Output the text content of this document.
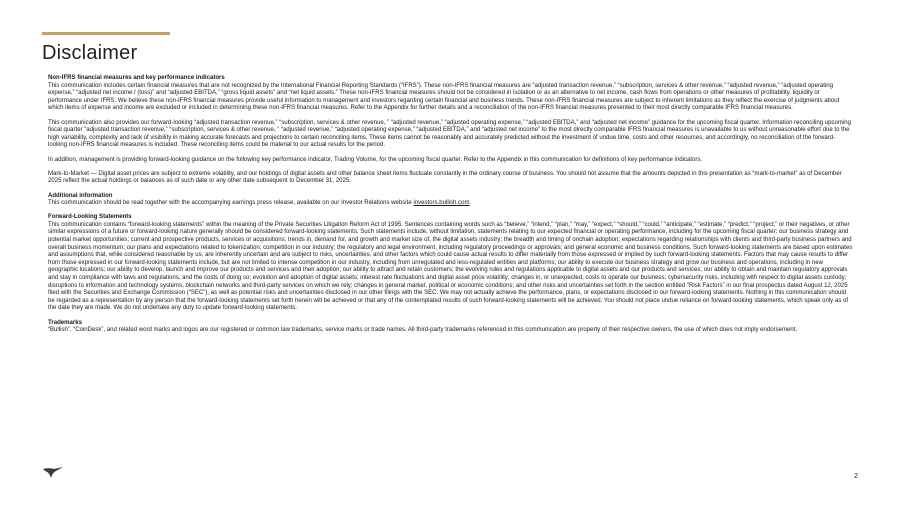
Disclaimer

Non-IFRS financial measures and key performance indicators

This communication includes certain financial measures that are not recognized by the International Financial Reporting Standards (“IFRS”). These non-IFRS financial measures are “adjusted transaction revenue,” “subscription, services & other revenue,” “adjusted revenue,” “adjusted operating expense,” “adjusted net income / (loss)” and “adjusted EBITDA,” “gross liquid assets” and “net liquid assets.” These non-IFRS financial measures should not be considered in isolation or as an alternative to net income, cash flows from operations or other measures of profitability, liquidity or performance under IFRS. We believe these non-IFRS financial measures provide useful information to management and investors regarding certain financial and business trends. These non-IFRS financial measures are subject to inherent limitations as they reflect the exercise of judgments about which items of expense and income are excluded or included in determining these non-IFRS financial measures. Refer to the Appendix for further details and a reconciliation of the non-IFRS financial measures presented to their most directly comparable IFRS financial measures.

This communication also provides our forward-looking “adjusted transaction revenue,” “subscription, services & other revenue, ” “adjusted revenue,” “adjusted operating expense,” “adjusted EBITDA,” and “adjusted net income” guidance for the upcoming fiscal quarter. Information reconciling upcoming fiscal quarter “adjusted transaction revenue,” “subscription, services & other revenue, ” “adjusted revenue,” “adjusted operating expense,” “adjusted EBITDA,” and “adjusted net income” to the most directly comparable IFRS financial measures is unavailable to us without unreasonable effort due to the high variability, complexity and lack of visibility in making accurate forecasts and projections to certain reconciling items. These items cannot be reasonably and accurately predicted without the investment of undue time, costs and other resources, and accordingly, no reconciliation of the forward-looking non-IFRS financial measures is included. These reconciling items could be material to our actual results for the period.

In addition, management is providing forward-looking guidance on the following key performance indicator, Trading Volume, for the upcoming fiscal quarter. Refer to the Appendix in this communication for definitions of key performance indicators.

Mark-to-Market — Digital asset prices are subject to extreme volatility, and our holdings of digital assets and other balance sheet items fluctuate constantly in the ordinary course of business. You should not assume that the amounts depicted in this presentation as “mark-to-market” as of December 2025 reflect the actual holdings or balances as of such date or any other date subsequent to December 31, 2025.

Additional information

This communication should be read together with the accompanying earnings press release, available on our Investor Relations website investors.bullish.com.

Forward-Looking Statements

This communication contains “forward-looking statements” within the meaning of the Private Securities Litigation Reform Act of 1995. Sentences containing words such as “believe,” “intend,” “plan,” “may,” “expect,” “should,” “could,” “anticipate,” “estimate,” “predict,” “project,” or their negatives, or other similar expressions of a future or forward-looking nature generally should be considered forward-looking statements. Such statements include, without limitation, statements relating to our expected financial or operating performance, including for the upcoming fiscal quarter; our business strategy and potential market opportunities; current and prospective products, services or acquisitions; trends in, demand for, and growth and market size of, the digital assets industry; the breadth and timing of onchain adoption; expectations regarding relationships with clients and third-party business partners and overall business momentum; our plans and expectations related to tokenization; competition in our industry; the regulatory and legal environment, including regulatory proceedings or approvals; and general economic and business conditions. Such forward-looking statements are based upon estimates and assumptions that, while considered reasonable by us, are inherently uncertain and are subject to risks, uncertainties, and other factors which could cause actual results to differ materially from those expressed or implied by such forward-looking statements. Factors that may cause results to differ from those expressed in our forward-looking statements include, but are not limited to intense competition in our industry, including from unregulated and less-regulated entities and platforms; our ability to execute our business strategy and grow our business and operations, including in new geographic locations; our ability to develop, launch and improve our products and services and their adoption; our ability to attract and retain customers; the evolving rules and regulations applicable to digital assets and our products and services; our ability to obtain and maintain regulatory approvals and stay in compliance with laws and regulations, and the costs of doing so; evolution and adoption of digital assets; interest rate fluctuations and digital asset price volatility; changes in, or unexpected, costs to operate our business; cybersecurity risks, including with respect to digital assets custody; disruptions to information and technology systems, blockchain networks and third-party services on which we rely; changes in general market, political or economic conditions; and other risks and uncertainties set forth in the section entitled “Risk Factors” in our final prospectus dated August 12, 2025 filed with the Securities and Exchange Commission (“SEC”), as well as potential risks and uncertainties disclosed in our other filings with the SEC. We may not actually achieve the performance, plans, or expectations disclosed in our forward-looking statements. Nothing in this communication should be regarded as a representation by any person that the forward-looking statements set forth herein will be achieved or that any of the contemplated results of such forward-looking statements will be achieved. You should not place undue reliance on forward-looking statements, which speak only as of the date they are made. We do not undertake any duty to update forward-looking statements.

Trademarks

“Bullish”, “CoinDesk”, and related word marks and logos are our registered or common law trademarks, service marks or trade names. All third-party trademarks referenced in this communication are property of their respective owners, the use of which does not imply endorsement.

2
